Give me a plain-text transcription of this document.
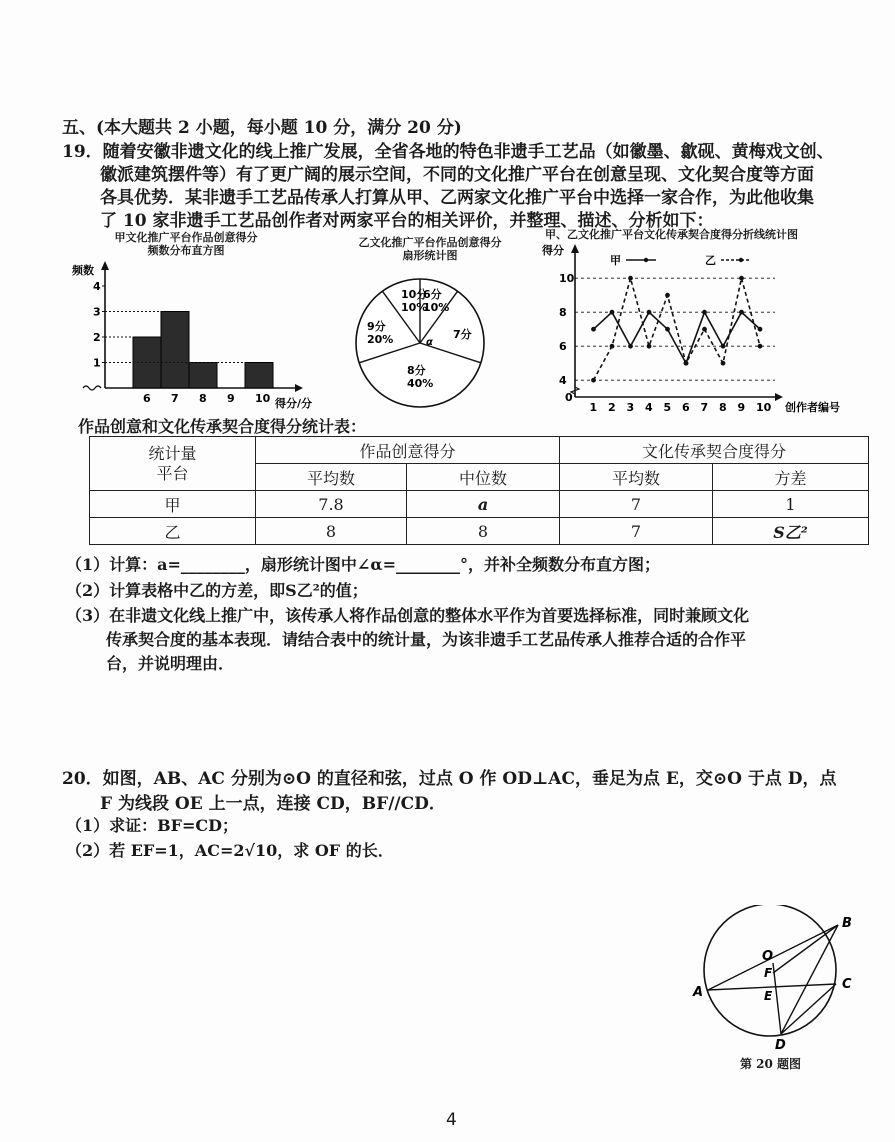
五、(本大题共 2 小题，每小题 10 分，满分 20 分)
19．随着安徽非遗文化的线上推广发展，全省各地的特色非遗手工艺品（如徽墨、歙砚、黄梅戏文创、
徽派建筑摆件等）有了更广阔的展示空间，不同的文化推广平台在创意呈现、文化契合度等方面
各具优势．某非遗手工艺品传承人打算从甲、乙两家文化推广平台中选择一家合作，为此他收集
了 10 家非遗手工艺品创作者对两家平台的相关评价，并整理、描述、分析如下：
甲文化推广平台作品创意得分
频数分布直方图
乙文化推广平台作品创意得分
扇形统计图
甲、乙文化推广平台文化传承契合度得分折线统计图
频数
得分/分
1
2
3
4
6 7 8 9 10
10分
10%
6分
10%
7分
8分
40%
9分
20%	α
得分
创作者编号
0
4
6
8
10
1 2 3 4 5 6 7 8 9 10
甲	乙
作品创意和文化传承契合度得分统计表：
统计量
平台	作品创意得分		文化传承契合度得分	
	平均数	中位数	平均数	方差
甲	7.8	a	7	1
乙	8	8	7	S乙²
（1）计算：a=________，扇形统计图中∠α=________°，并补全频数分布直方图；
（2）计算表格中乙的方差，即S乙²的值；
（3）在非遗文化线上推广中，该传承人将作品创意的整体水平作为首要选择标准，同时兼顾文化
传承契合度的基本表现．请结合表中的统计量，为该非遗手工艺品传承人推荐合适的合作平
台，并说明理由．
20．如图，AB、AC 分别为⊙O 的直径和弦，过点 O 作 OD⊥AC，垂足为点 E，交⊙O 于点 D，点
F 为线段 OE 上一点，连接 CD，BF//CD．
（1）求证：BF=CD；
（2）若 EF=1，AC=2√10，求 OF 的长．
O
B
A
C
D
F
E
第 20 题图
4
